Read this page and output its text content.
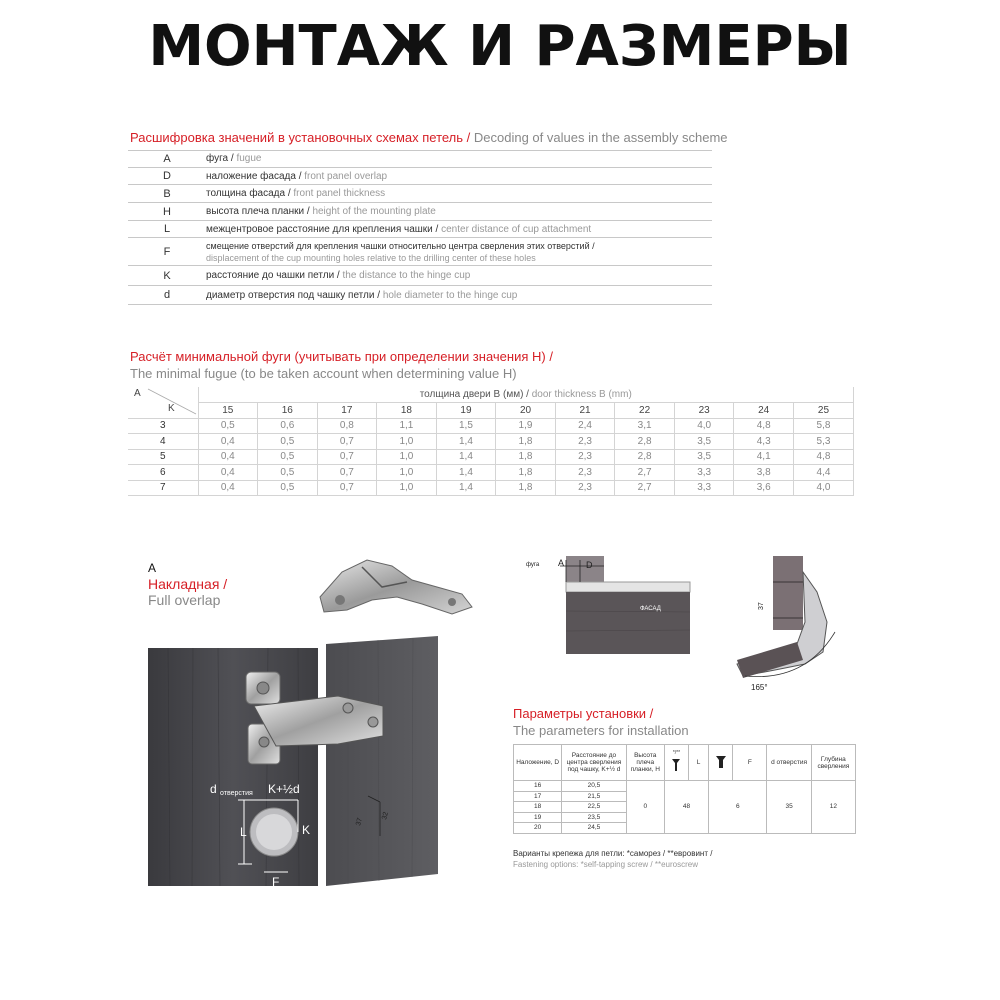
МОНТАЖ И РАЗМЕРЫ
Расшифровка значений в установочных схемах петель / Decoding of values in the assembly scheme
A	фуга / fugue
D	наложение фасада / front panel overlap
B	толщина фасада / front panel thickness
H	высота плеча планки / height of the mounting plate
L	межцентровое расстояние для крепления чашки / center distance of cup attachment
F	смещение отверстий для крепления чашки относительно центра сверления этих отверстий /
displacement of the cup mounting holes relative to the drilling center of these holes
K	расстояние до чашки петли / the distance to the hinge cup
d	диаметр отверстия под чашку петли / hole diameter to the hinge cup
Расчёт минимальной фуги (учитывать при определении значения H) /
The minimal fugue (to be taken account when determining value H)
A
K	толщина двери B (мм) / door thickness B (mm)										
	15	16	17	18	19	20	21	22	23	24	25
3	0,5	0,6	0,8	1,1	1,5	1,9	2,4	3,1	4,0	4,8	5,8
4	0,4	0,5	0,7	1,0	1,4	1,8	2,3	2,8	3,5	4,3	5,3
5	0,4	0,5	0,7	1,0	1,4	1,8	2,3	2,8	3,5	4,1	4,8
6	0,4	0,5	0,7	1,0	1,4	1,8	2,3	2,7	3,3	3,8	4,4
7	0,4	0,5	0,7	1,0	1,4	1,8	2,3	2,7	3,3	3,6	4,0
A
Накладная /
Full overlap
d отверстия K+½d
L	K
F
37
32
фуга A D
ФАСАД
165°
37
Параметры установки /
The parameters for installation
Наложение, D	Расстояние до центра сверления под чашку, K+½ d	Высота плеча планки, H	*/**	L		F	d отверстия	Глубина сверления
16	20,5	0	48		6		35	12
17	21,5							
18	22,5							
19	23,5							
20	24,5							
Варианты крепежа для петли: *саморез / **евровинт /
Fastening options: *self-tapping screw / **euroscrew
